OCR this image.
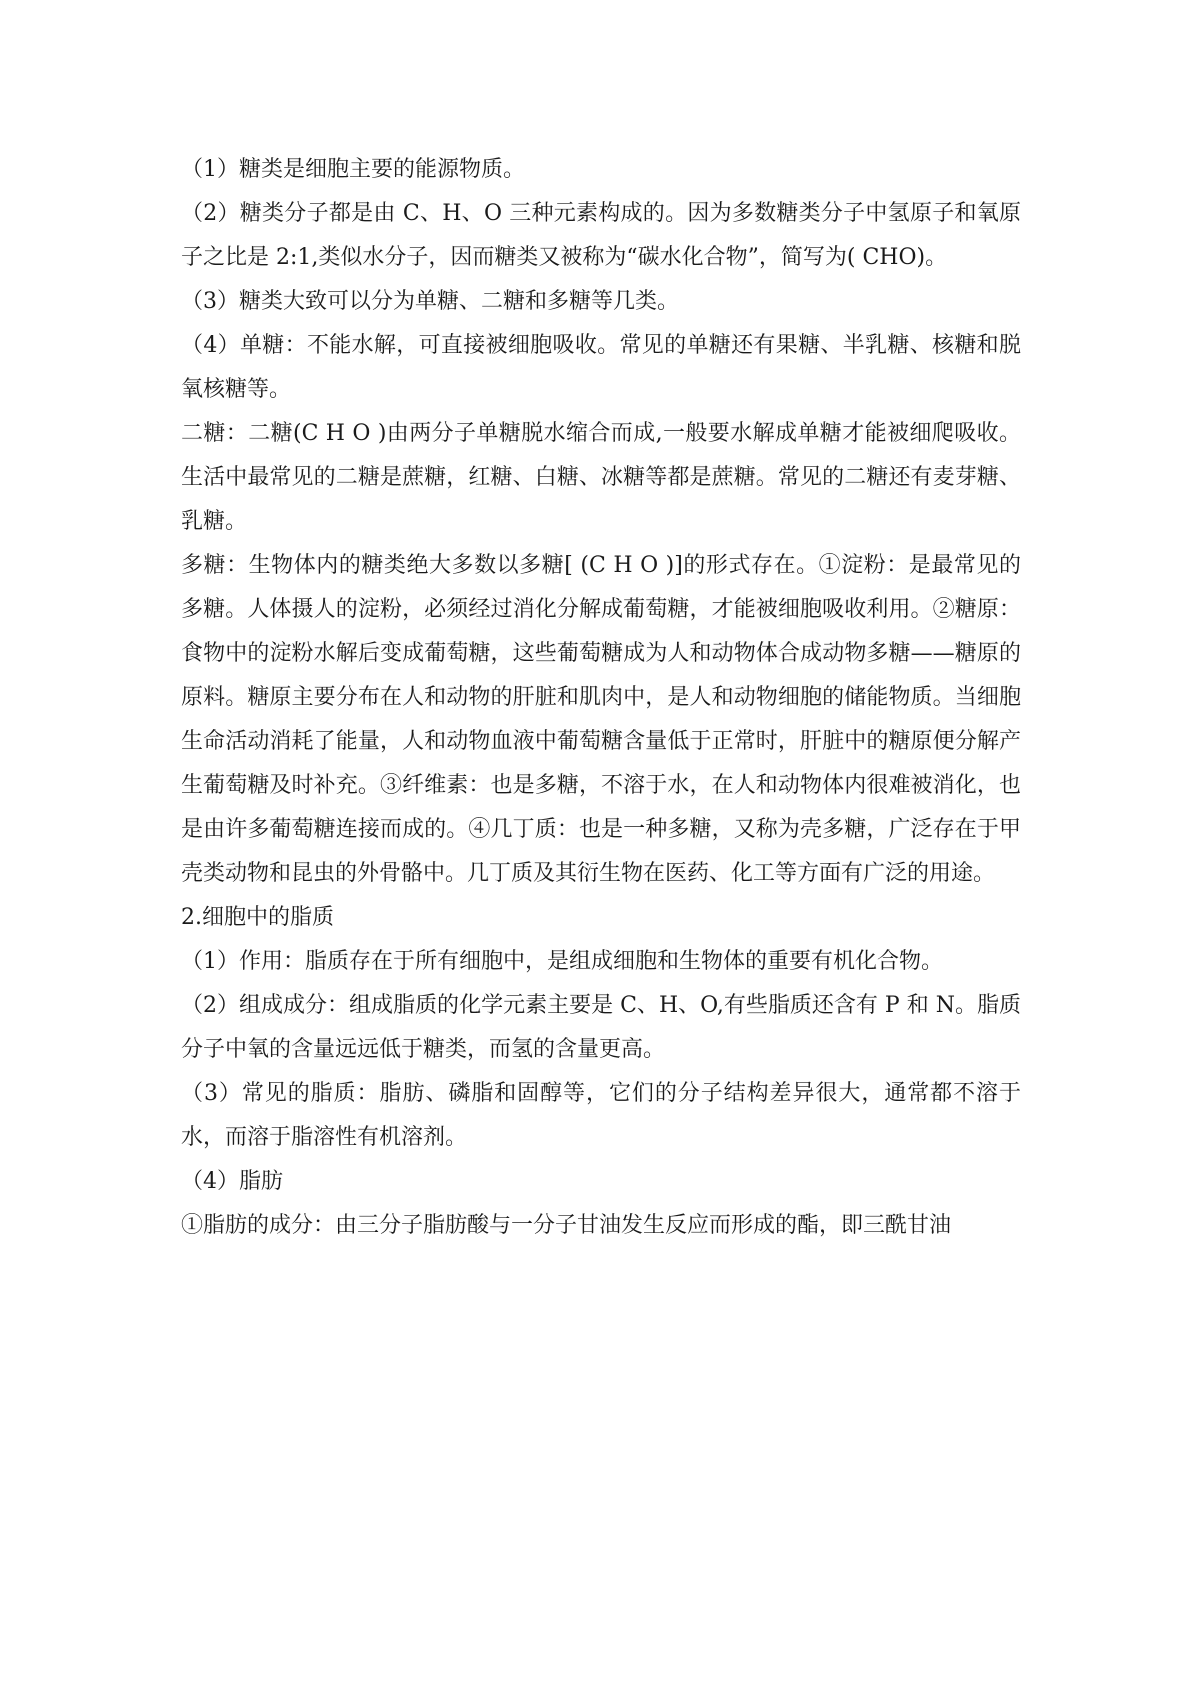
（1）糖类是细胞主要的能源物质。

（2）糖类分子都是由 C、H、O 三种元素构成的。因为多数糖类分子中氢原子和氧原子之比是 2:1,类似水分子，因而糖类又被称为“碳水化合物”，简写为( CHO)。

（3）糖类大致可以分为单糖、二糖和多糖等几类。

（4）单糖：不能水解，可直接被细胞吸收。常见的单糖还有果糖、半乳糖、核糖和脱氧核糖等。

二糖：二糖(C H O )由两分子单糖脱水缩合而成,一般要水解成单糖才能被细爬吸收。生活中最常见的二糖是蔗糖，红糖、白糖、冰糖等都是蔗糖。常见的二糖还有麦芽糖、乳糖。

多糖：生物体内的糖类绝大多数以多糖[ (C H O )]的形式存在。①淀粉：是最常见的多糖。人体摄人的淀粉，必须经过消化分解成葡萄糖，才能被细胞吸收利用。②糖原：食物中的淀粉水解后变成葡萄糖，这些葡萄糖成为人和动物体合成动物多糖——糖原的原料。糖原主要分布在人和动物的肝脏和肌肉中，是人和动物细胞的储能物质。当细胞生命活动消耗了能量，人和动物血液中葡萄糖含量低于正常时，肝脏中的糖原便分解产生葡萄糖及时补充。③纤维素：也是多糖，不溶于水，在人和动物体内很难被消化，也是由许多葡萄糖连接而成的。④几丁质：也是一种多糖，又称为壳多糖，广泛存在于甲壳类动物和昆虫的外骨骼中。几丁质及其衍生物在医药、化工等方面有广泛的用途。

2.细胞中的脂质

（1）作用：脂质存在于所有细胞中，是组成细胞和生物体的重要有机化合物。

（2）组成成分：组成脂质的化学元素主要是 C、H、O,有些脂质还含有 P 和 N。脂质分子中氧的含量远远低于糖类，而氢的含量更高。

（3）常见的脂质：脂肪、磷脂和固醇等，它们的分子结构差异很大，通常都不溶于水，而溶于脂溶性有机溶剂。

（4）脂肪

①脂肪的成分：由三分子脂肪酸与一分子甘油发生反应而形成的酯，即三酰甘油
